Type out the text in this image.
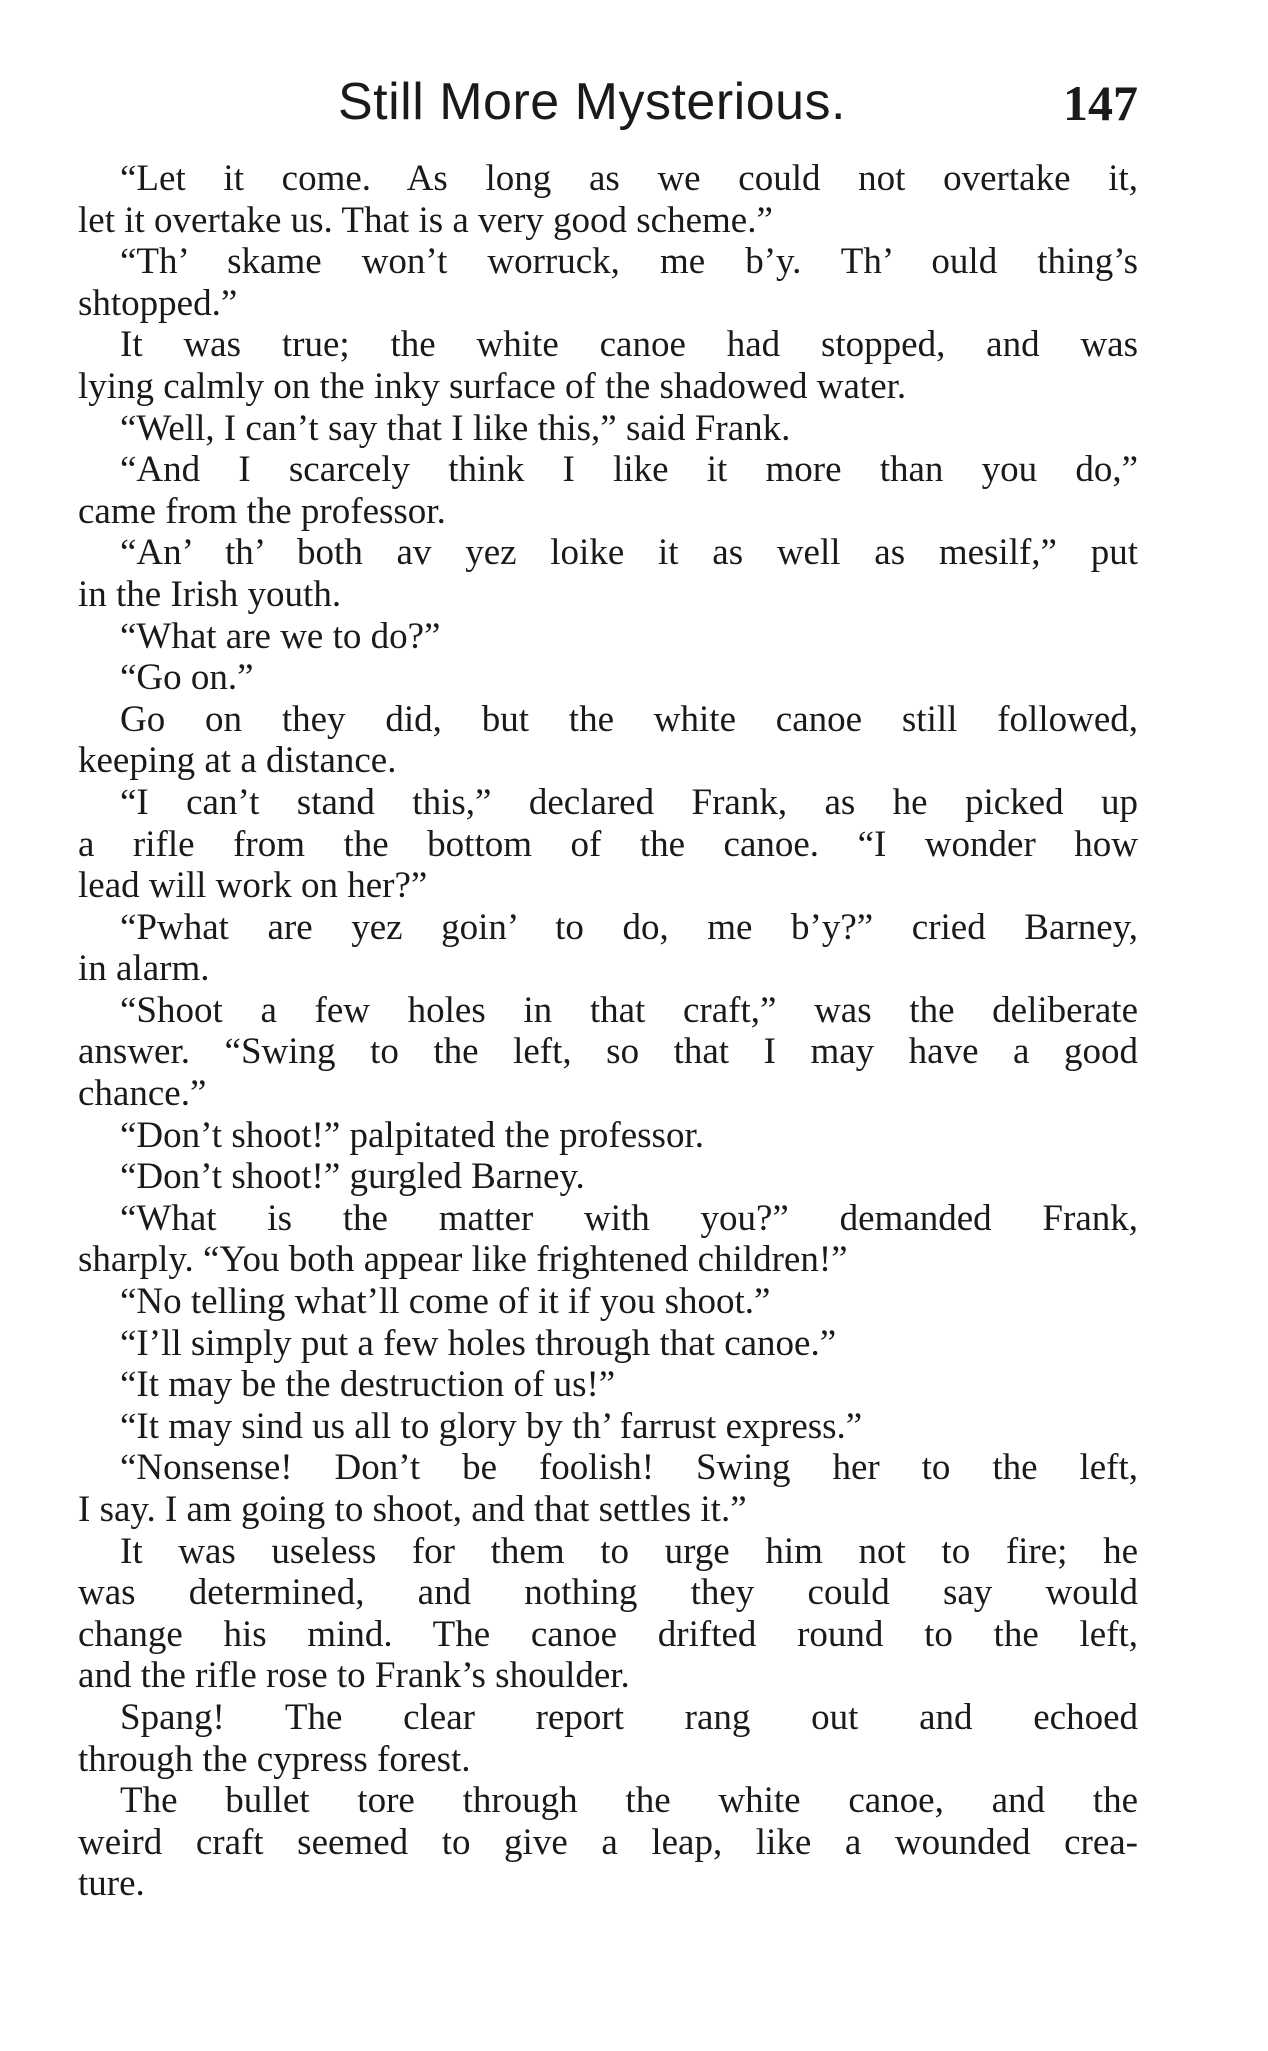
Still More Mysterious.	147
“Let it come. As long as we could not overtake it,
let it overtake us. That is a very good scheme.”
“Th’ skame won’t worruck, me b’y. Th’ ould thing’s
shtopped.”
It was true; the white canoe had stopped, and was
lying calmly on the inky surface of the shadowed water.
“Well, I can’t say that I like this,” said Frank.
“And I scarcely think I like it more than you do,”
came from the professor.
“An’ th’ both av yez loike it as well as mesilf,” put
in the Irish youth.
“What are we to do?”
“Go on.”
Go on they did, but the white canoe still followed,
keeping at a distance.
“I can’t stand this,” declared Frank, as he picked up
a rifle from the bottom of the canoe. “I wonder how
lead will work on her?”
“Pwhat are yez goin’ to do, me b’y?” cried Barney,
in alarm.
“Shoot a few holes in that craft,” was the deliberate
answer. “Swing to the left, so that I may have a good
chance.”
“Don’t shoot!” palpitated the professor.
“Don’t shoot!” gurgled Barney.
“What is the matter with you?” demanded Frank,
sharply. “You both appear like frightened children!”
“No telling what’ll come of it if you shoot.”
“I’ll simply put a few holes through that canoe.”
“It may be the destruction of us!”
“It may sind us all to glory by th’ farrust express.”
“Nonsense! Don’t be foolish! Swing her to the left,
I say. I am going to shoot, and that settles it.”
It was useless for them to urge him not to fire; he
was determined, and nothing they could say would
change his mind. The canoe drifted round to the left,
and the rifle rose to Frank’s shoulder.
Spang! The clear report rang out and echoed
through the cypress forest.
The bullet tore through the white canoe, and the
weird craft seemed to give a leap, like a wounded crea-
ture.
